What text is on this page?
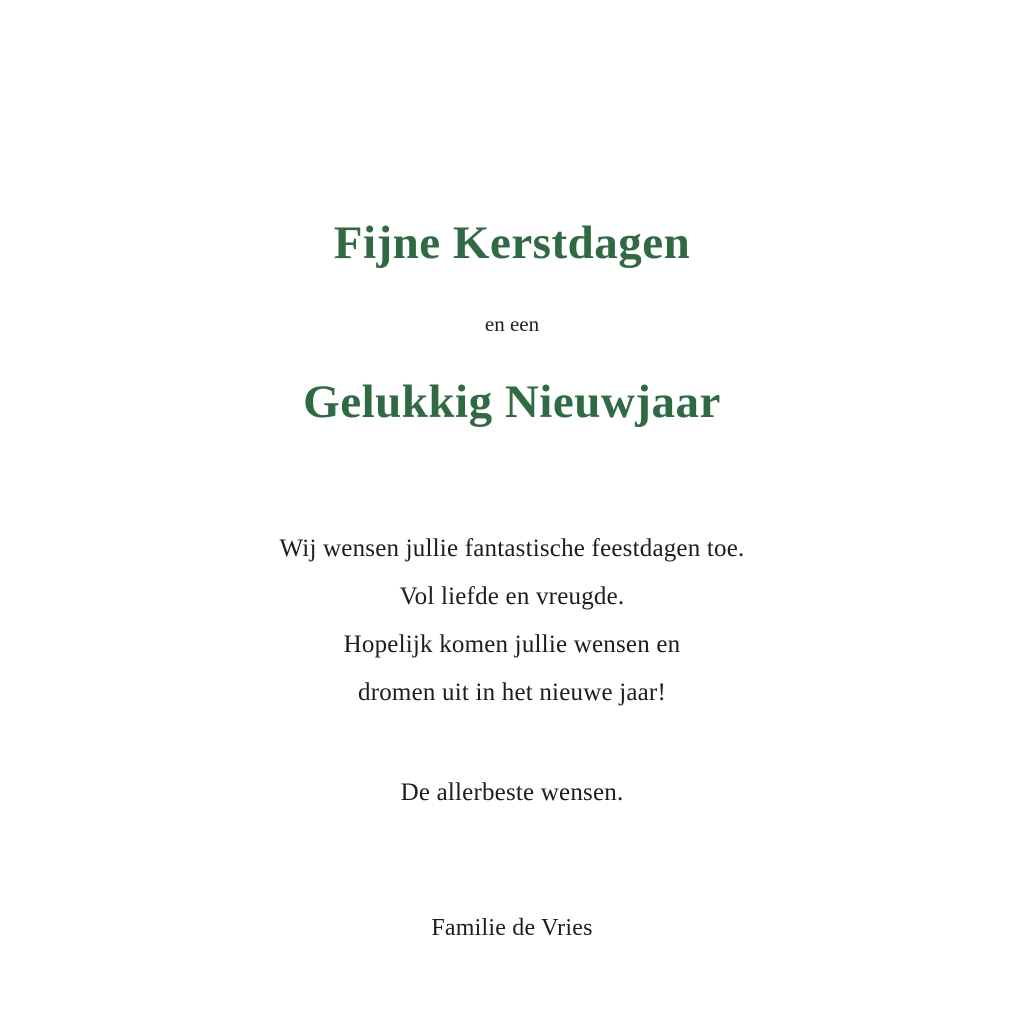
Fijne Kerstdagen

en een

Gelukkig Nieuwjaar

Wij wensen jullie fantastische feestdagen toe.

Vol liefde en vreugde.

Hopelijk komen jullie wensen en

dromen uit in het nieuwe jaar!

De allerbeste wensen.

Familie de Vries
